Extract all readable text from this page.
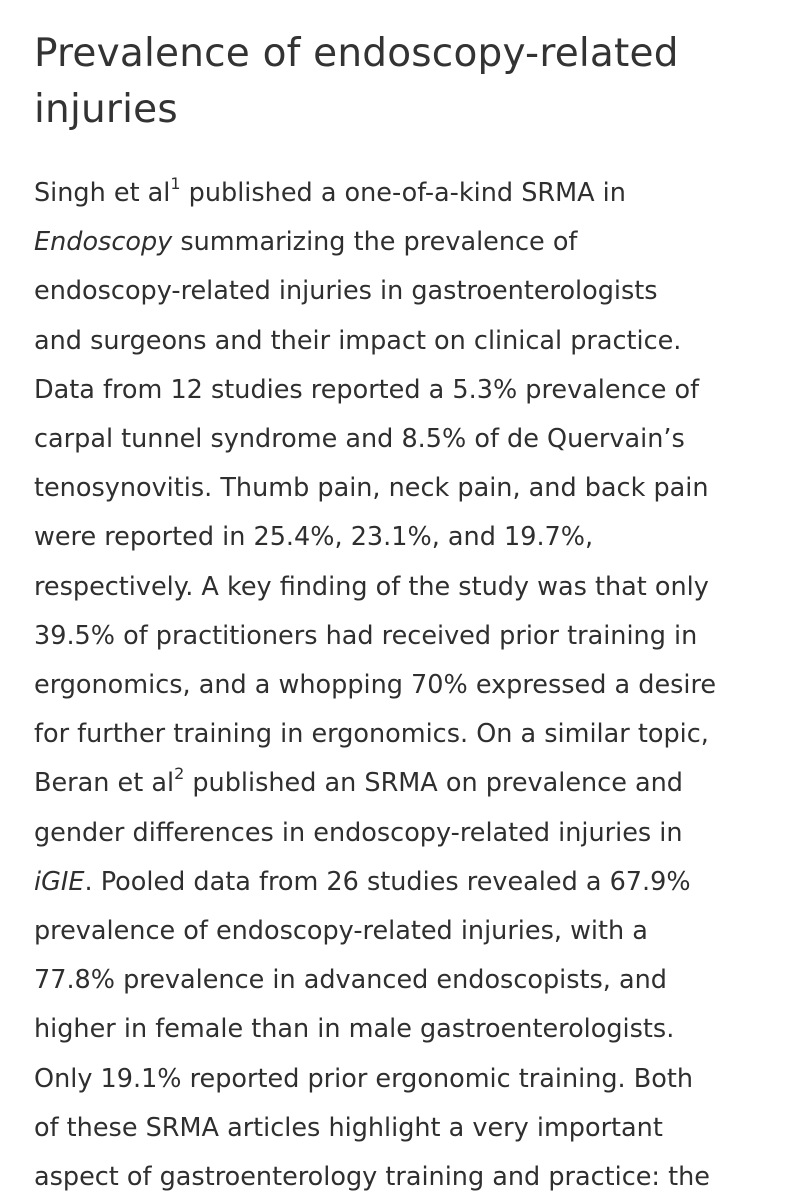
Prevalence of endoscopy-related
injuries
Singh et al$^1$ published a one-of-a-kind SRMA in
Endoscopy summarizing the prevalence of
endoscopy-related injuries in gastroenterologists
and surgeons and their impact on clinical practice.
Data from 12 studies reported a 5.3% prevalence of
carpal tunnel syndrome and 8.5% of de Quervain’s
tenosynovitis. Thumb pain, neck pain, and back pain
were reported in 25.4%, 23.1%, and 19.7%,
respectively. A key finding of the study was that only
39.5% of practitioners had received prior training in
ergonomics, and a whopping 70% expressed a desire
for further training in ergonomics. On a similar topic,
Beran et al$^2$ published an SRMA on prevalence and
gender differences in endoscopy-related injuries in
iGIE. Pooled data from 26 studies revealed a 67.9%
prevalence of endoscopy-related injuries, with a
77.8% prevalence in advanced endoscopists, and
higher in female than in male gastroenterologists.
Only 19.1% reported prior ergonomic training. Both
of these SRMA articles highlight a very important
aspect of gastroenterology training and practice: the
